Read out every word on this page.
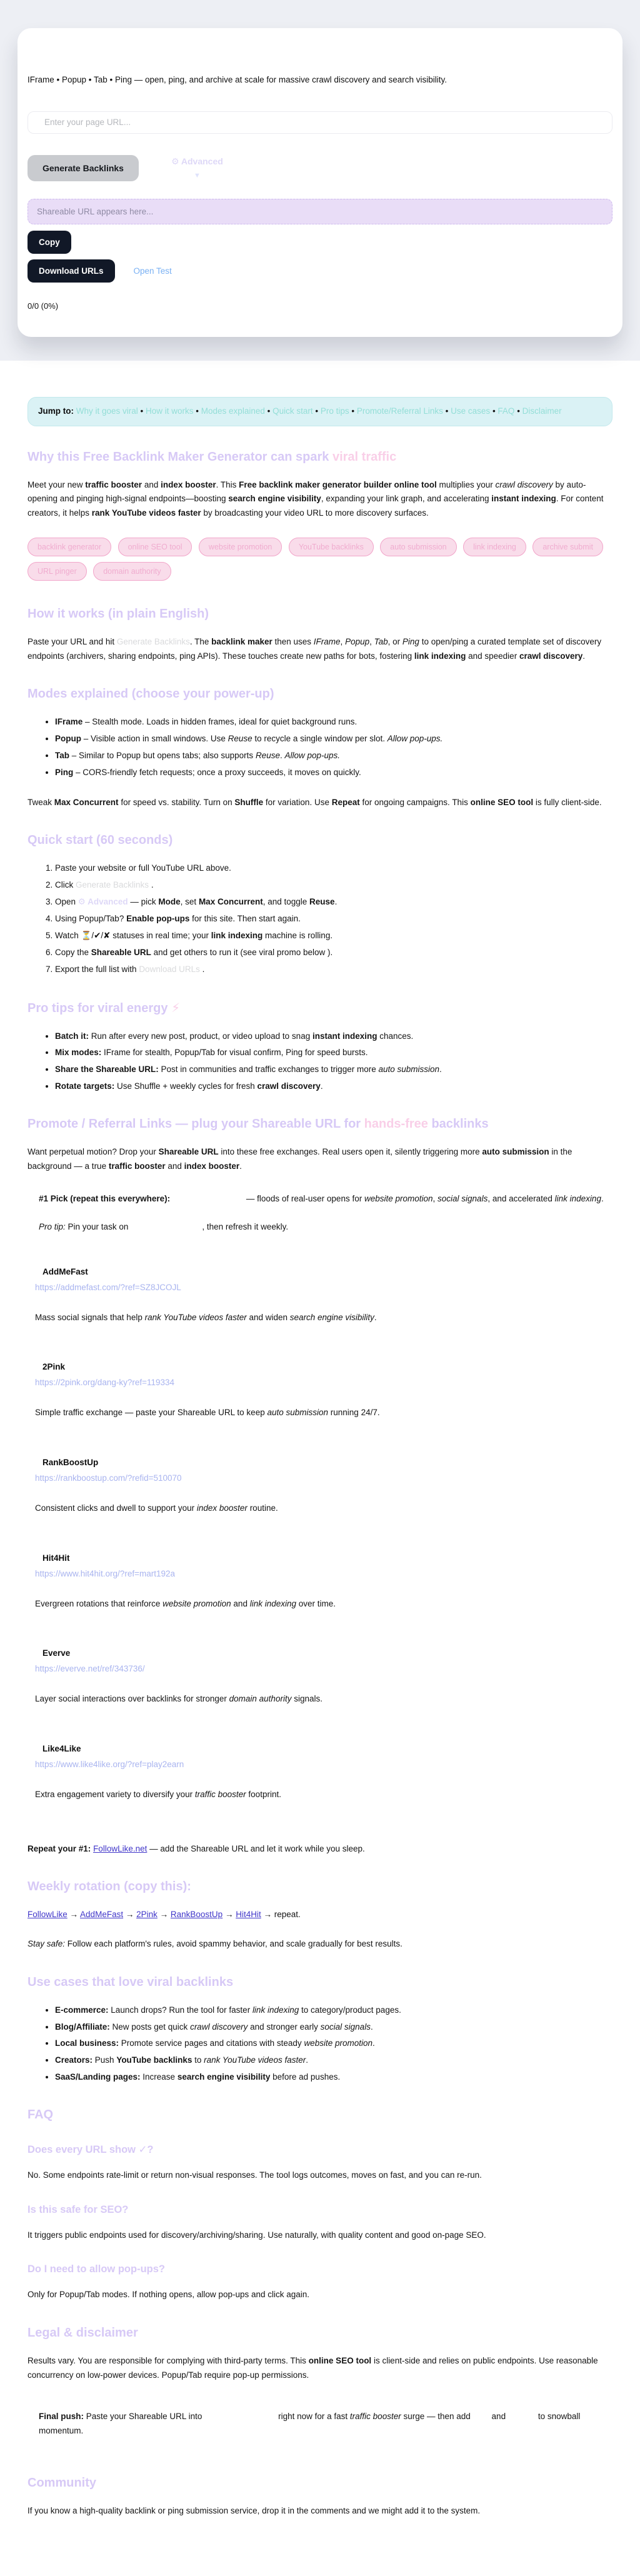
IFrame • Popup • Tab • Ping — open, ping, and archive at scale for massive crawl discovery and search visibility.

Enter your page URL...
Generate Backlinks
⚙ Advanced
▼
Shareable URL appears here...
Copy
Download URLs	Open Test
0/0 (0%)
Jump to: Why it goes viral • How it works • Modes explained • Quick start • Pro tips • Promote/Referral Links • Use cases • FAQ • Disclaimer
Why this Free Backlink Maker Generator can spark viral traffic

Meet your new traffic booster and index booster. This Free backlink maker generator builder online tool multiplies your crawl discovery by auto-opening and pinging high-signal endpoints—boosting search engine visibility, expanding your link graph, and accelerating instant indexing. For content creators, it helps rank YouTube videos faster by broadcasting your video URL to more discovery surfaces.

backlink generator	online SEO tool	website promotion	YouTube backlinks	auto submission	link indexing	archive submit URL pinger	domain authority
How it works (in plain English)

Paste your URL and hit Generate Backlinks. The backlink maker then uses IFrame, Popup, Tab, or Ping to open/ping a curated template set of discovery endpoints (archivers, sharing endpoints, ping APIs). These touches create new paths for bots, fostering link indexing and speedier crawl discovery.

Modes explained (choose your power-up)
• IFrame – Stealth mode. Loads in hidden frames, ideal for quiet background runs.
• Popup – Visible action in small windows. Use Reuse to recycle a single window per slot. Allow pop-ups.
• Tab – Similar to Popup but opens tabs; also supports Reuse. Allow pop-ups.
• Ping – CORS-friendly fetch requests; once a proxy succeeds, it moves on quickly.

Tweak Max Concurrent for speed vs. stability. Turn on Shuffle for variation. Use Repeat for ongoing campaigns. This online SEO tool is fully client-side.

Quick start (60 seconds)
1. Paste your website or full YouTube URL above.
2. Click Generate Backlinks .
3. Open ⚙ Advanced — pick Mode, set Max Concurrent, and toggle Reuse.
4. Using Popup/Tab? Enable pop-ups for this site. Then start again.
5. Watch ⏳/✔/✘ statuses in real time; your link indexing machine is rolling.
6. Copy the Shareable URL and get others to run it (see viral promo below ).
7. Export the full list with Download URLs .
Pro tips for viral energy ⚡
• Batch it: Run after every new post, product, or video upload to snag instant indexing chances.
• Mix modes: IFrame for stealth, Popup/Tab for visual confirm, Ping for speed bursts.
• Share the Shareable URL: Post in communities and traffic exchanges to trigger more auto submission.
• Rotate targets: Use Shuffle + weekly cycles for fresh crawl discovery.
Promote / Referral Links — plug your Shareable URL for hands-free backlinks

Want perpetual motion? Drop your Shareable URL into these free exchanges. Real users open it, silently triggering more auto submission in the background — a true traffic booster and index booster.

#1 Pick (repeat this everywhere):	— floods of real-user opens for website promotion, social signals, and accelerated link indexing.
Pro tip: Pin your task on	, then refresh it weekly.
AddMeFast
https://addmefast.com/?ref=SZ8JCOJL

Mass social signals that help rank YouTube videos faster and widen search engine visibility.

2Pink
https://2pink.org/dang-ky?ref=119334

Simple traffic exchange — paste your Shareable URL to keep auto submission running 24/7.

RankBoostUp
https://rankboostup.com/?refid=510070

Consistent clicks and dwell to support your index booster routine.

Hit4Hit
https://www.hit4hit.org/?ref=mart192a

Evergreen rotations that reinforce website promotion and link indexing over time.

Everve
https://everve.net/ref/343736/

Layer social interactions over backlinks for stronger domain authority signals.

Like4Like
https://www.like4like.org/?ref=play2earn

Extra engagement variety to diversify your traffic booster footprint.

Repeat your #1: FollowLike.net — add the Shareable URL and let it work while you sleep.
Weekly rotation (copy this):
FollowLike → AddMeFast → 2Pink → RankBoostUp → Hit4Hit → repeat.

Stay safe: Follow each platform's rules, avoid spammy behavior, and scale gradually for best results.

Use cases that love viral backlinks
• E-commerce: Launch drops? Run the tool for faster link indexing to category/product pages.
• Blog/Affiliate: New posts get quick crawl discovery and stronger early social signals.
• Local business: Promote service pages and citations with steady website promotion.
• Creators: Push YouTube backlinks to rank YouTube videos faster.
• SaaS/Landing pages: Increase search engine visibility before ad pushes.
FAQ
Does every URL show ✓?

No. Some endpoints rate-limit or return non-visual responses. The tool logs outcomes, moves on fast, and you can re-run.

Is this safe for SEO?

It triggers public endpoints used for discovery/archiving/sharing. Use naturally, with quality content and good on-page SEO.

Do I need to allow pop-ups?

Only for Popup/Tab modes. If nothing opens, allow pop-ups and click again.

Legal & disclaimer

Results vary. You are responsible for complying with third-party terms. This online SEO tool is client-side and relies on public endpoints. Use reasonable concurrency on low-power devices. Popup/Tab require pop-up permissions.

Final push: Paste your Shareable URL into	right now for a fast traffic booster surge — then add and	to snowball momentum.
Community

If you know a high-quality backlink or ping submission service, drop it in the comments and we might add it to the system.
